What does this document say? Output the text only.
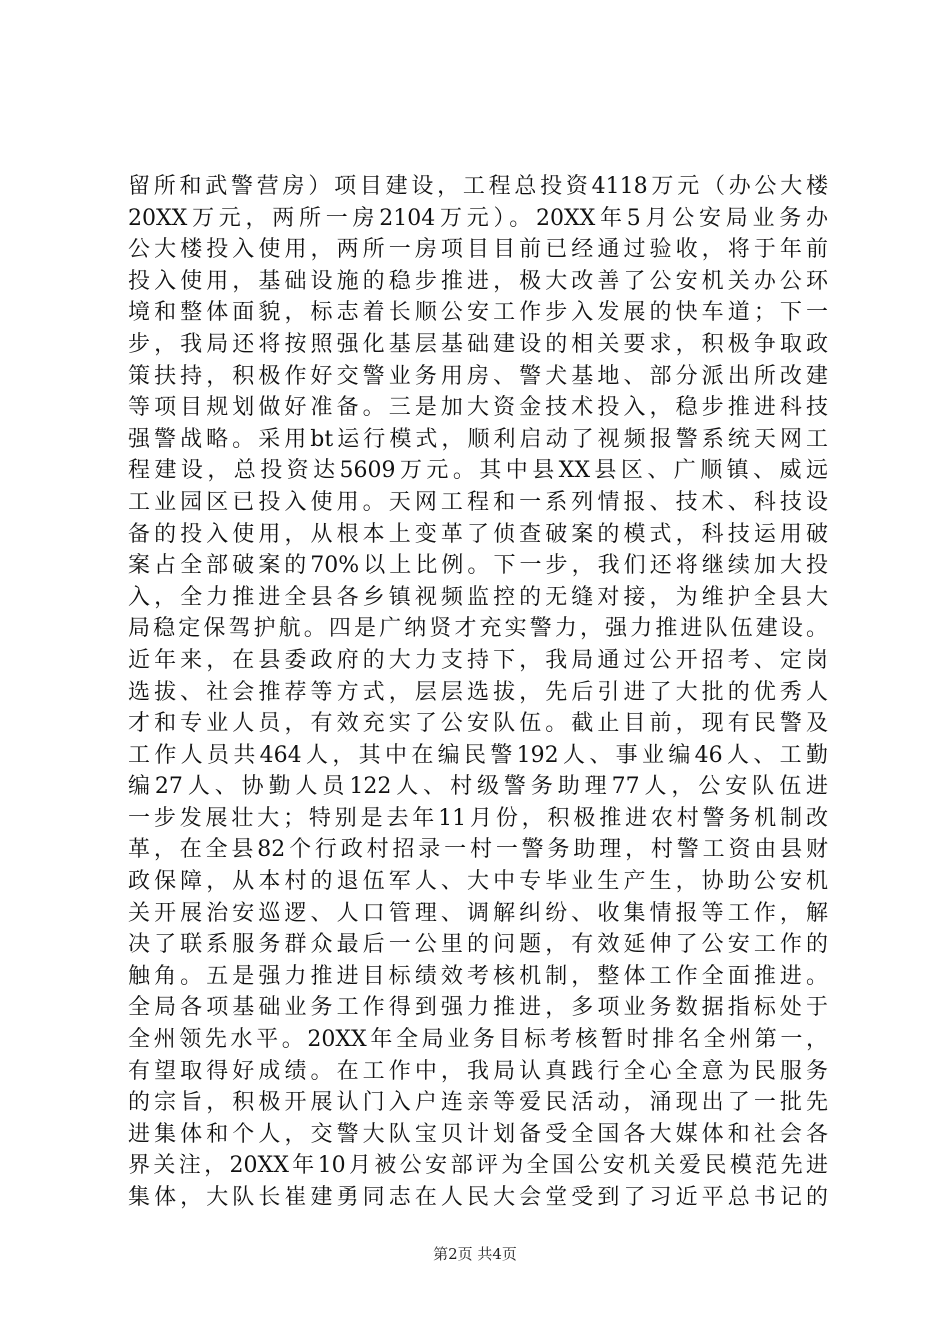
留所和武警营房）项目建设，工程总投资4118万元（办公大楼
20XX万元，两所一房2104万元）。20XX年5月公安局业务办
公大楼投入使用，两所一房项目目前已经通过验收，将于年前
投入使用，基础设施的稳步推进，极大改善了公安机关办公环
境和整体面貌，标志着长顺公安工作步入发展的快车道；下一
步，我局还将按照强化基层基础建设的相关要求，积极争取政
策扶持，积极作好交警业务用房、警犬基地、部分派出所改建
等项目规划做好准备。三是加大资金技术投入，稳步推进科技
强警战略。采用bt运行模式，顺利启动了视频报警系统天网工
程建设，总投资达5609万元。其中县XX县区、广顺镇、威远
工业园区已投入使用。天网工程和一系列情报、技术、科技设
备的投入使用，从根本上变革了侦查破案的模式，科技运用破
案占全部破案的70%以上比例。下一步，我们还将继续加大投
入，全力推进全县各乡镇视频监控的无缝对接，为维护全县大
局稳定保驾护航。四是广纳贤才充实警力，强力推进队伍建设。
近年来，在县委政府的大力支持下，我局通过公开招考、定岗
选拔、社会推荐等方式，层层选拔，先后引进了大批的优秀人
才和专业人员，有效充实了公安队伍。截止目前，现有民警及
工作人员共464人，其中在编民警192人、事业编46人、工勤
编27人、协勤人员122人、村级警务助理77人，公安队伍进
一步发展壮大；特别是去年11月份，积极推进农村警务机制改
革，在全县82个行政村招录一村一警务助理，村警工资由县财
政保障，从本村的退伍军人、大中专毕业生产生，协助公安机
关开展治安巡逻、人口管理、调解纠纷、收集情报等工作，解
决了联系服务群众最后一公里的问题，有效延伸了公安工作的
触角。五是强力推进目标绩效考核机制，整体工作全面推进。
全局各项基础业务工作得到强力推进，多项业务数据指标处于
全州领先水平。20XX年全局业务目标考核暂时排名全州第一，
有望取得好成绩。在工作中，我局认真践行全心全意为民服务
的宗旨，积极开展认门入户连亲等爱民活动，涌现出了一批先
进集体和个人，交警大队宝贝计划备受全国各大媒体和社会各
界关注，20XX年10月被公安部评为全国公安机关爱民模范先进
集体，大队长崔建勇同志在人民大会堂受到了习近平总书记的
第2页 共4页
